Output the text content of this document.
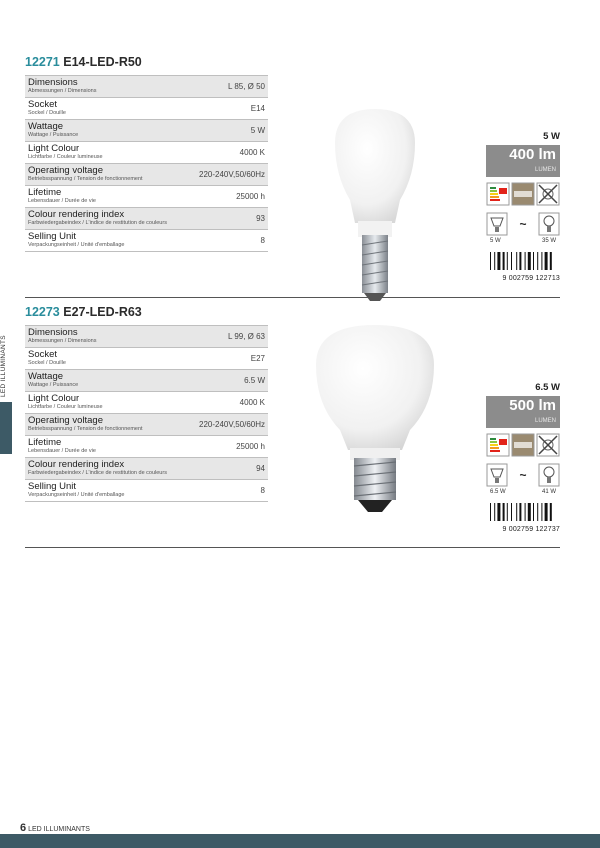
LED ILLUMINANTS
12271 E14-LED-R50
Dimensions
Abmessungen / Dimensions	L 85, Ø 50
Socket
Sockel / Douille	E14
Wattage
Wattage / Puissance	5 W
Light Colour
Lichtfarbe / Couleur lumineuse	4000 K
Operating voltage
Betriebsspannung / Tension de fonctionnement	220-240V,50/60Hz
Lifetime
Lebensdauer / Durée de vie	25000 h
Colour rendering index
Farbwiedergabeindex / L'indice de restitution de couleurs	93
Selling Unit
Verpackungseinheit / Unité d'emballage	8
5 W
400 lm
LUMEN
~
5 W	35 W
9 002759 122713
12273 E27-LED-R63
Dimensions
Abmessungen / Dimensions	L 99, Ø 63
Socket
Sockel / Douille	E27
Wattage
Wattage / Puissance	6.5 W
Light Colour
Lichtfarbe / Couleur lumineuse	4000 K
Operating voltage
Betriebsspannung / Tension de fonctionnement	220-240V,50/60Hz
Lifetime
Lebensdauer / Durée de vie	25000 h
Colour rendering index
Farbwiedergabeindex / L'indice de restitution de couleurs	94
Selling Unit
Verpackungseinheit / Unité d'emballage	8
6.5 W
500 lm
LUMEN
~
6.5 W	41 W
9 002759 122737
6 LED ILLUMINANTS
